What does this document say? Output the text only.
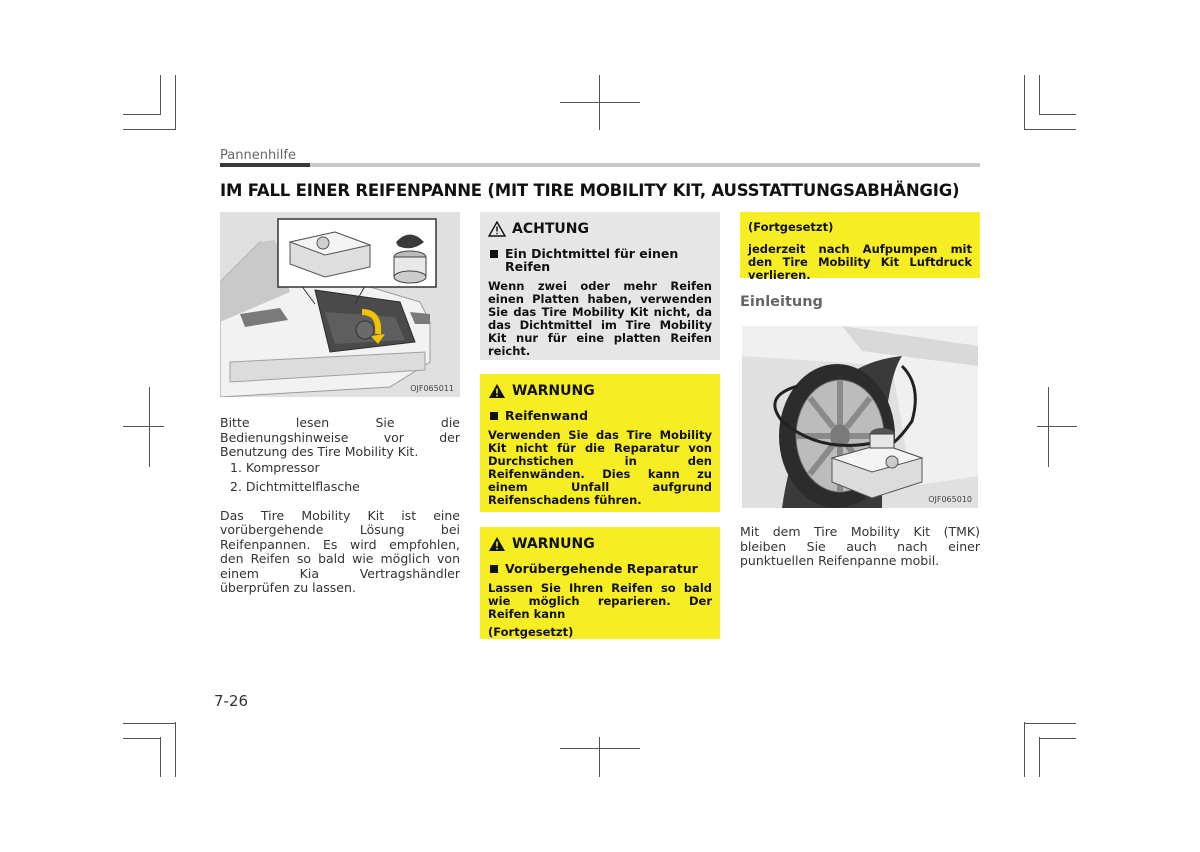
Pannenhilfe
IM FALL EINER REIFENPANNE (MIT TIRE MOBILITY KIT, AUSSTATTUNGSABHÄNGIG)
OJF065011
Bitte lesen Sie die Bedienungshinweise vor der Benutzung des Tire Mobility Kit.
1. Kompressor
2. Dichtmittelflasche
Das Tire Mobility Kit ist eine vorübergehende Lösung bei Reifenpannen. Es wird empfohlen, den Reifen so bald wie möglich von einem Kia Vertragshändler überprüfen zu lassen.
ACHTUNG
Ein Dichtmittel für einen Reifen
Wenn zwei oder mehr Reifen einen Platten haben, verwenden Sie das Tire Mobility Kit nicht, da das Dichtmittel im Tire Mobility Kit nur für eine platten Reifen reicht.
WARNUNG
Reifenwand
Verwenden Sie das Tire Mobility Kit nicht für die Reparatur von Durchstichen in den Reifenwänden. Dies kann zu einem Unfall aufgrund Reifenschadens führen.
WARNUNG
Vorübergehende Reparatur
Lassen Sie Ihren Reifen so bald wie möglich reparieren. Der Reifen kann
(Fortgesetzt)
(Fortgesetzt)
jederzeit nach Aufpumpen mit den Tire Mobility Kit Luftdruck verlieren.
Einleitung
OJF065010
Mit dem Tire Mobility Kit (TMK) bleiben Sie auch nach einer punktuellen Reifenpanne mobil.
7-26
